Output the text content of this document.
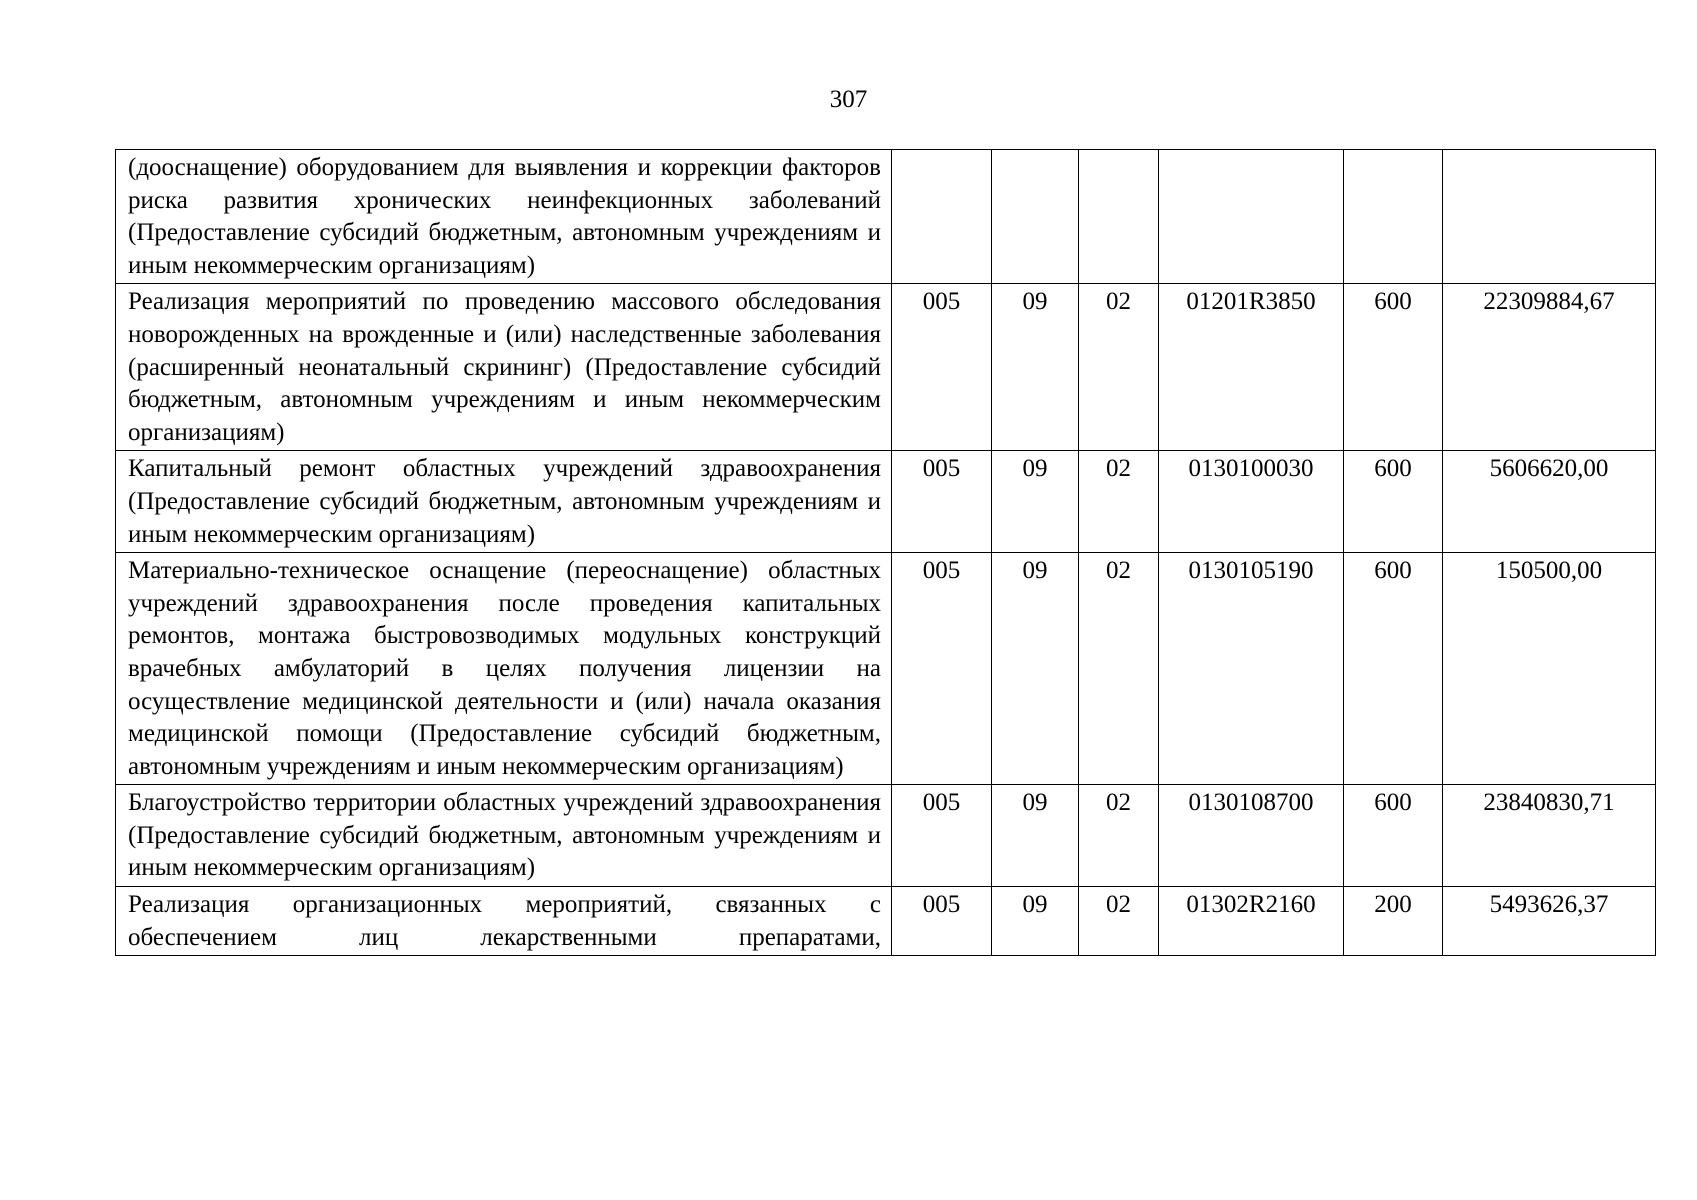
307
(дооснащение) оборудованием для выявления и коррекции факторов риска развития хронических неинфекционных заболеваний (Предоставление субсидий бюджетным, автономным учреждениям и иным некоммерческим организациям)						
Реализация мероприятий по проведению массового обследования новорожденных на врожденные и (или) наследственные заболевания (расширенный неонатальный скрининг) (Предоставление субсидий бюджетным, автономным учреждениям и иным некоммерческим организациям)	005	09	02	01201R3850	600	22309884,67
Капитальный ремонт областных учреждений здравоохранения (Предоставление субсидий бюджетным, автономным учреждениям и иным некоммерческим организациям)	005	09	02	0130100030	600	5606620,00
Материально-техническое оснащение (переоснащение) областных учреждений здравоохранения после проведения капитальных ремонтов, монтажа быстровозводимых модульных конструкций врачебных амбулаторий в целях получения лицензии на осуществление медицинской деятельности и (или) начала оказания медицинской помощи (Предоставление субсидий бюджетным, автономным учреждениям и иным некоммерческим организациям)	005	09	02	0130105190	600	150500,00
Благоустройство территории областных учреждений здравоохранения (Предоставление субсидий бюджетным, автономным учреждениям и иным некоммерческим организациям)	005	09	02	0130108700	600	23840830,71
Реализация организационных мероприятий, связанных с обеспечением лиц лекарственными препаратами,	005	09	02	01302R2160	200	5493626,37
